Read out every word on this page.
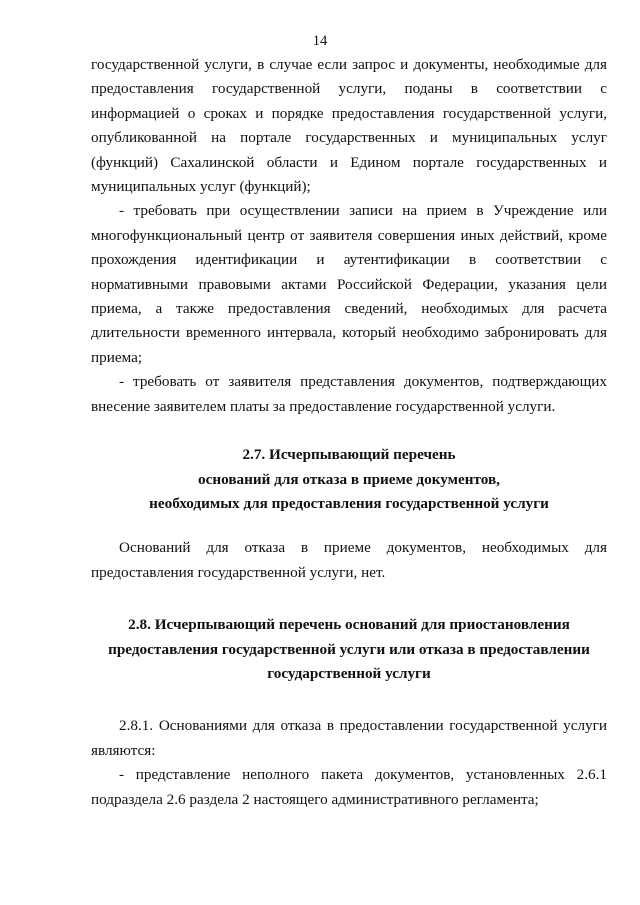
14

государственной услуги, в случае если запрос и документы, необходимые для предоставления государственной услуги, поданы в соответствии с информацией о сроках и порядке предоставления государственной услуги, опубликованной на портале государственных и муниципальных услуг (функций) Сахалинской области и Едином портале государственных и муниципальных услуг (функций);

- требовать при осуществлении записи на прием в Учреждение или многофункциональный центр от заявителя совершения иных действий, кроме прохождения идентификации и аутентификации в соответствии с нормативными правовыми актами Российской Федерации, указания цели приема, а также предоставления сведений, необходимых для расчета длительности временного интервала, который необходимо забронировать для приема;

- требовать от заявителя представления документов, подтверждающих внесение заявителем платы за предоставление государственной услуги.

2.7. Исчерпывающий перечень

оснований для отказа в приеме документов,

необходимых для предоставления государственной услуги

Оснований для отказа в приеме документов, необходимых для предоставления государственной услуги, нет.

2.8. Исчерпывающий перечень оснований для приостановления

предоставления государственной услуги или отказа в предоставлении

государственной услуги

2.8.1. Основаниями для отказа в предоставлении государственной услуги являются:

- представление неполного пакета документов, установленных 2.6.1 подраздела 2.6 раздела 2 настоящего административного регламента;
